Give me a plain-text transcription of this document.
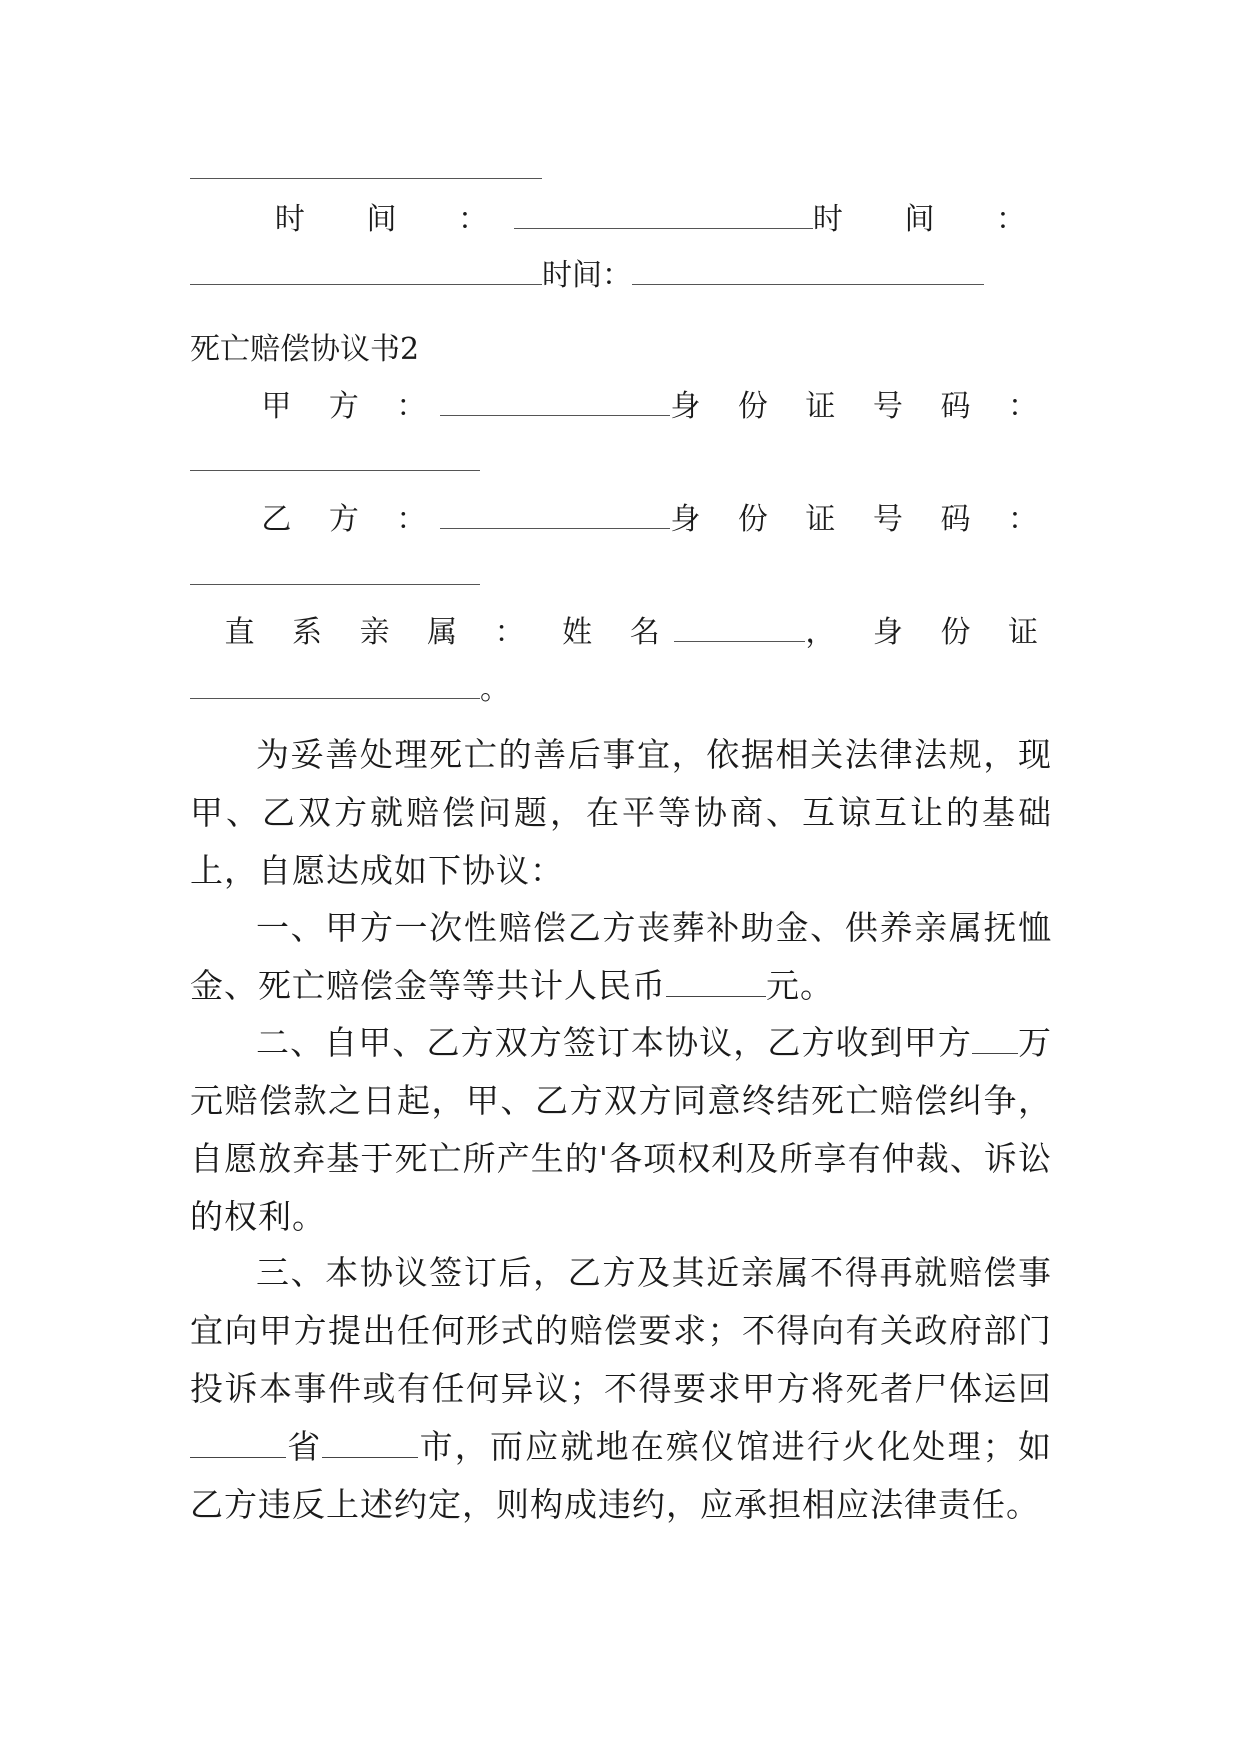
时 间 ：	时 间 ：
时间：
死亡赔偿协议书2
甲 方 ：	身 份 证 号 码 ：
乙 方 ：	身 份 证 号 码 ：
直 系 亲 属 ： 姓 名	， 身 份 证
。
为妥善处理死亡的善后事宜，依据相关法律法规，现甲、乙双方就赔偿问题，在平等协商、互谅互让的基础上，自愿达成如下协议：
一、甲方一次性赔偿乙方丧葬补助金、供养亲属抚恤金、死亡赔偿金等等共计人民币	元。
二、自甲、乙方双方签订本协议，乙方收到甲方 万元赔偿款之日起，甲、乙方双方同意终结死亡赔偿纠争，自愿放弃基于死亡所产生的'各项权利及所享有仲裁、诉讼的权利。
三、本协议签订后，乙方及其近亲属不得再就赔偿事宜向甲方提出任何形式的赔偿要求；不得向有关政府部门投诉本事件或有任何异议；不得要求甲方将死者尸体运回省	市，而应就地在殡仪馆进行火化处理；如乙方违反上述约定，则构成违约，应承担相应法律责任。
